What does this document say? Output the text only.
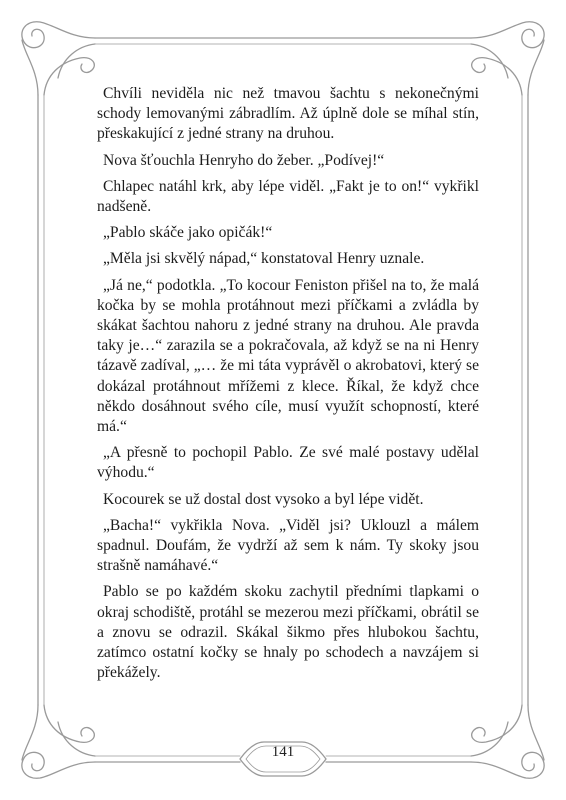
Chvíli neviděla nic než tmavou šachtu s nekonečnými schody lemovanými zábradlím. Až úplně dole se míhal stín, přeskakující z jedné strany na druhou.

Nova šťouchla Henryho do žeber. „Podívej!“

Chlapec natáhl krk, aby lépe viděl. „Fakt je to on!“ vykřikl nadšeně.

„Pablo skáče jako opičák!“

„Měla jsi skvělý nápad,“ konstatoval Henry uznale.

„Já ne,“ podotkla. „To kocour Feniston přišel na to, že malá kočka by se mohla protáhnout mezi příčkami a zvládla by skákat šachtou nahoru z jedné strany na druhou. Ale pravda taky je…“ zarazila se a pokračovala, až když se na ni Henry tázavě zadíval, „… že mi táta vyprávěl o akrobatovi, který se dokázal protáhnout mřížemi z klece. Říkal, že když chce někdo dosáhnout svého cíle, musí využít schopností, které má.“

„A přesně to pochopil Pablo. Ze své malé postavy udělal výhodu.“

Kocourek se už dostal dost vysoko a byl lépe vidět.

„Bacha!“ vykřikla Nova. „Viděl jsi? Uklouzl a málem spadnul. Doufám, že vydrží až sem k nám. Ty skoky jsou strašně namáhavé.“

Pablo se po každém skoku zachytil předními tlapkami o okraj schodiště, protáhl se mezerou mezi příčkami, obrátil se a znovu se odrazil. Skákal šikmo přes hlubokou šachtu, zatímco ostatní kočky se hnaly po schodech a navzájem si překážely.

141
